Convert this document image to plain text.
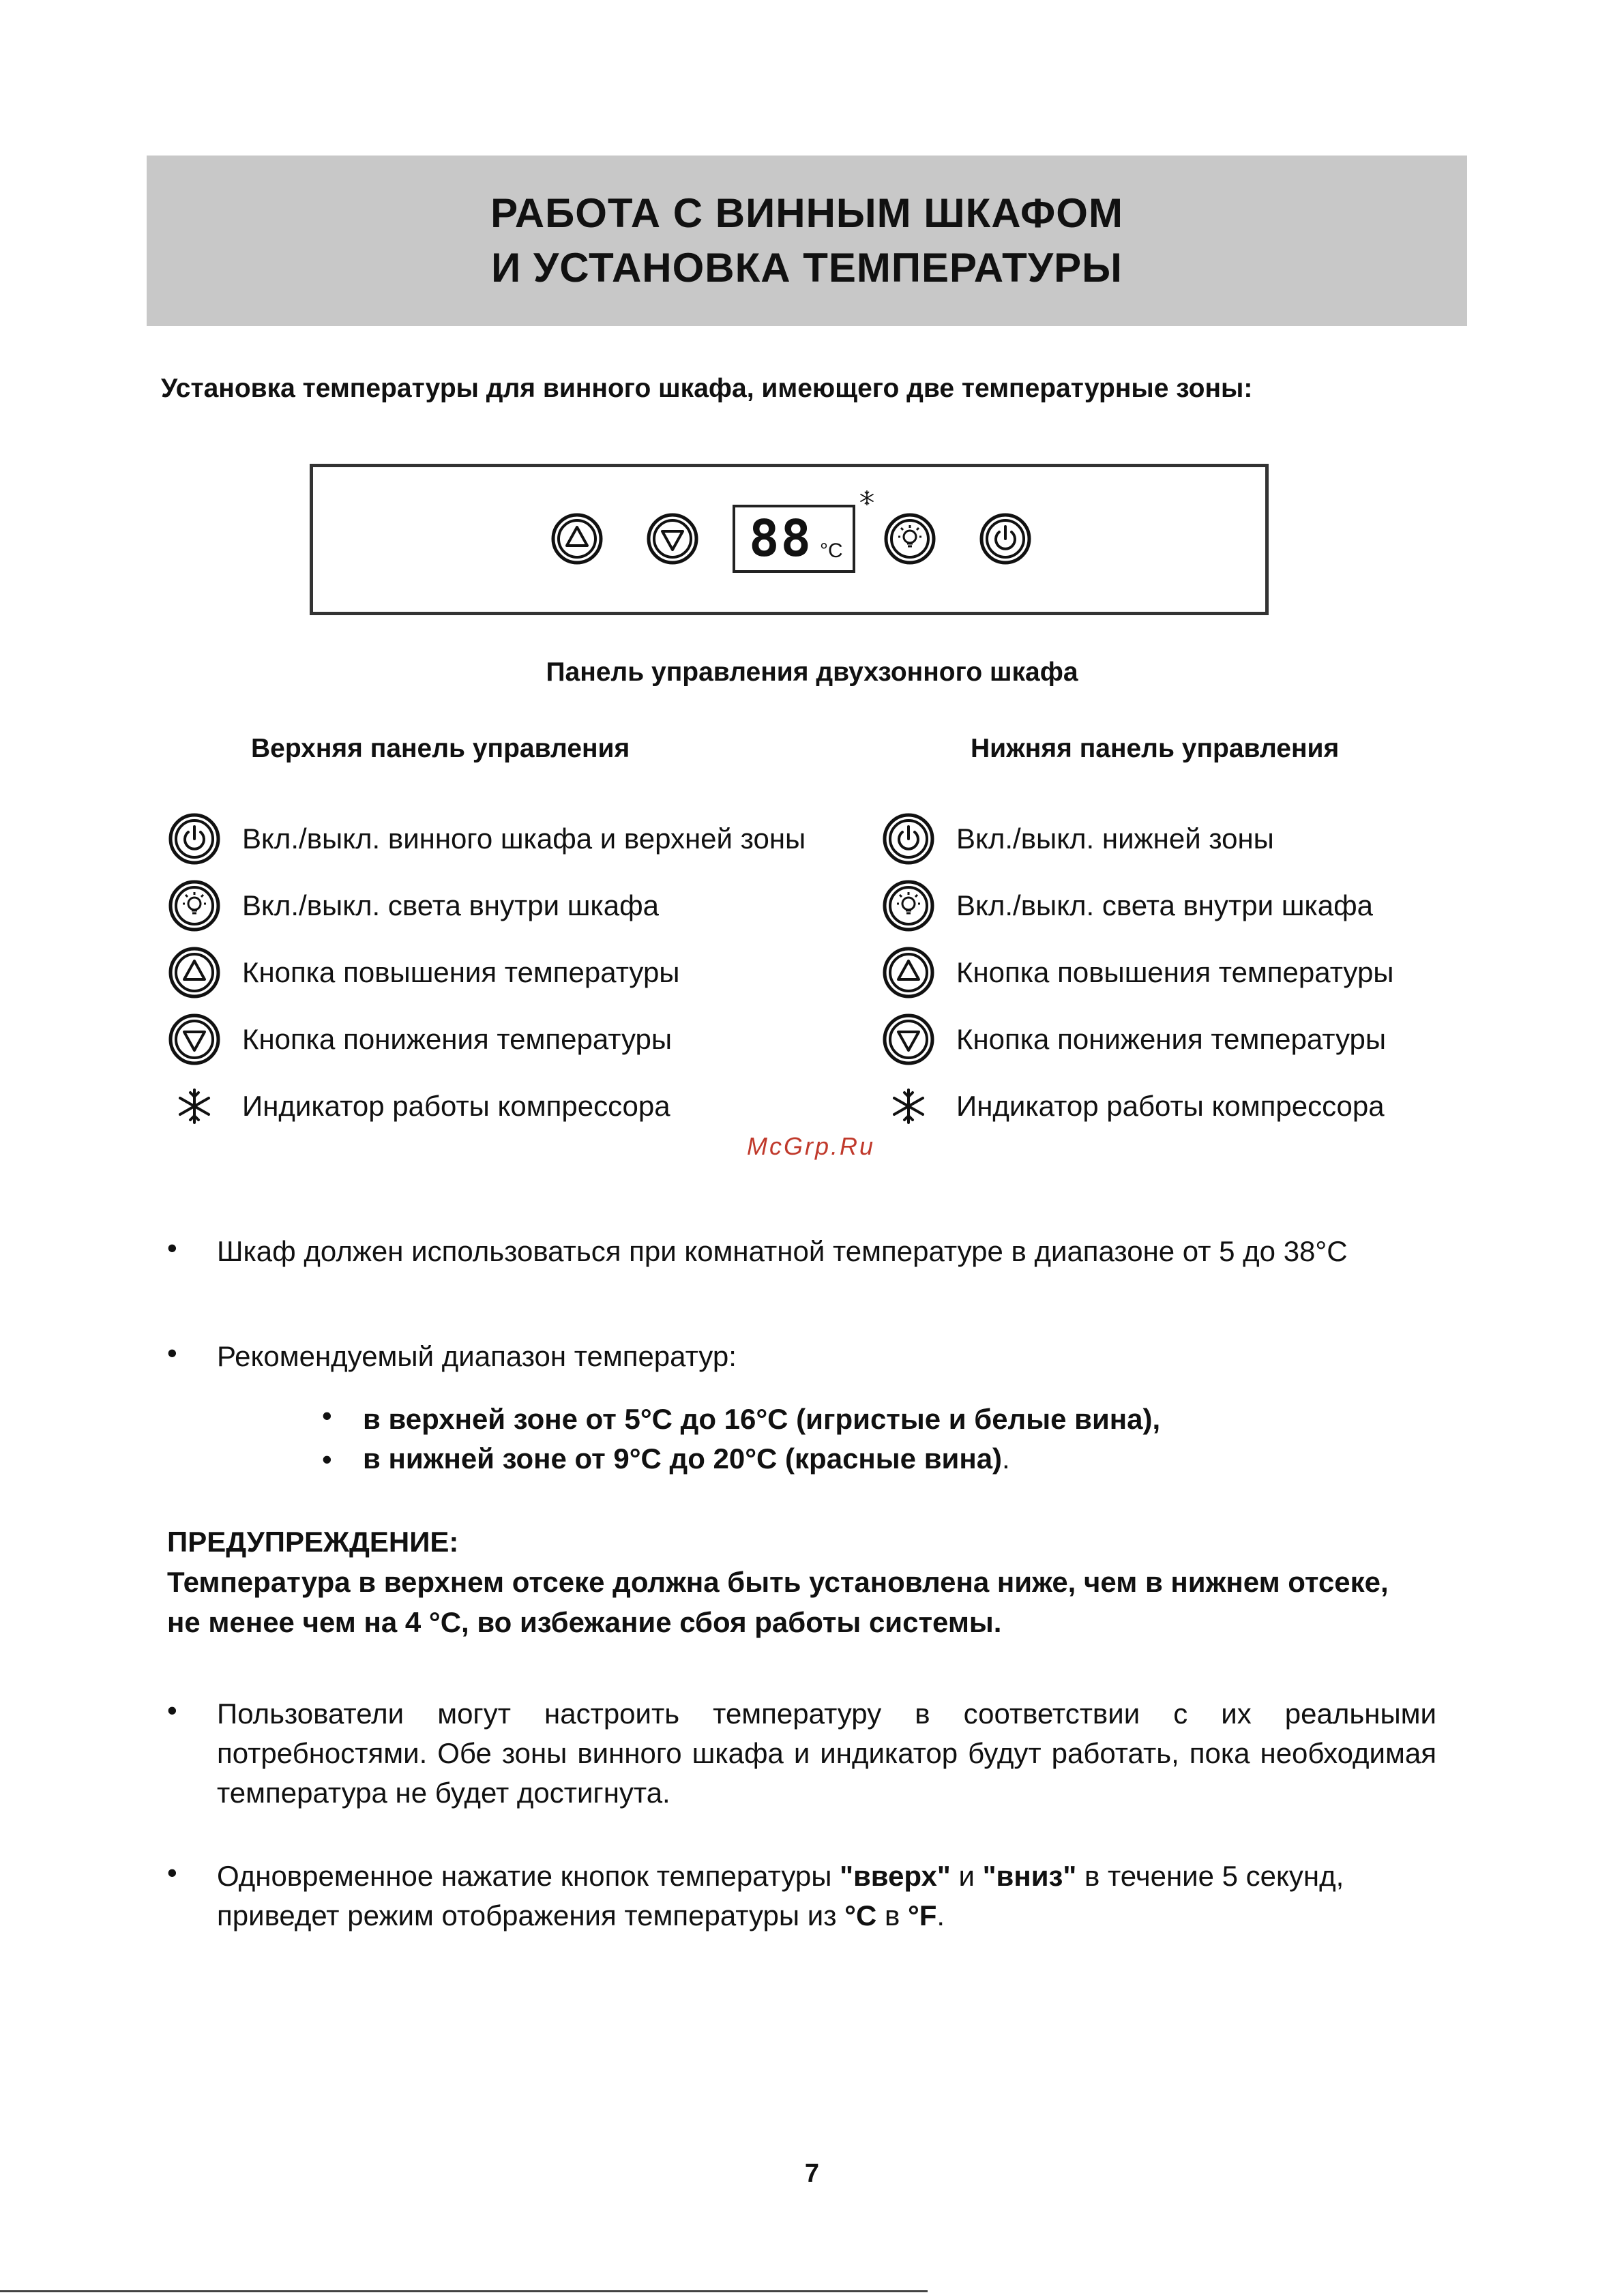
РАБОТА С ВИННЫМ ШКАФОМ
И УСТАНОВКА ТЕМПЕРАТУРЫ
Установка температуры для винного шкафа, имеющего две температурные зоны:
88 °C
Панель управления двухзонного шкафа
Верхняя панель управления	Нижняя панель управления
Вкл./выкл. винного шкафа и верхней зоны
Вкл./выкл. света внутри шкафа
Кнопка повышения температуры
Кнопка понижения температуры
Индикатор работы компрессора
Вкл./выкл. нижней зоны
Вкл./выкл. света внутри шкафа
Кнопка повышения температуры
Кнопка понижения температуры
Индикатор работы компрессора
McGrp.Ru
• Шкаф должен использоваться при комнатной температуре в диапазоне от 5 до 38°С
• Рекомендуемый диапазон температур:
• в верхней зоне от 5°С до 16°С (игристые и белые вина),
• в нижней зоне от 9°С до 20°С (красные вина).
ПРЕДУПРЕЖДЕНИЕ:
Температура в верхнем отсеке должна быть установлена ниже, чем в нижнем отсеке,
не менее чем на 4 °С, во избежание сбоя работы системы.
• Пользователи могут настроить температуру в соответствии с их реальными потребностями. Обе зоны винного шкафа и индикатор будут работать, пока необходимая температура не будет достигнута.
• Одновременное нажатие кнопок температуры "вверх" и "вниз" в течение 5 секунд,
приведет режим отображения температуры из °C в °F.
7
